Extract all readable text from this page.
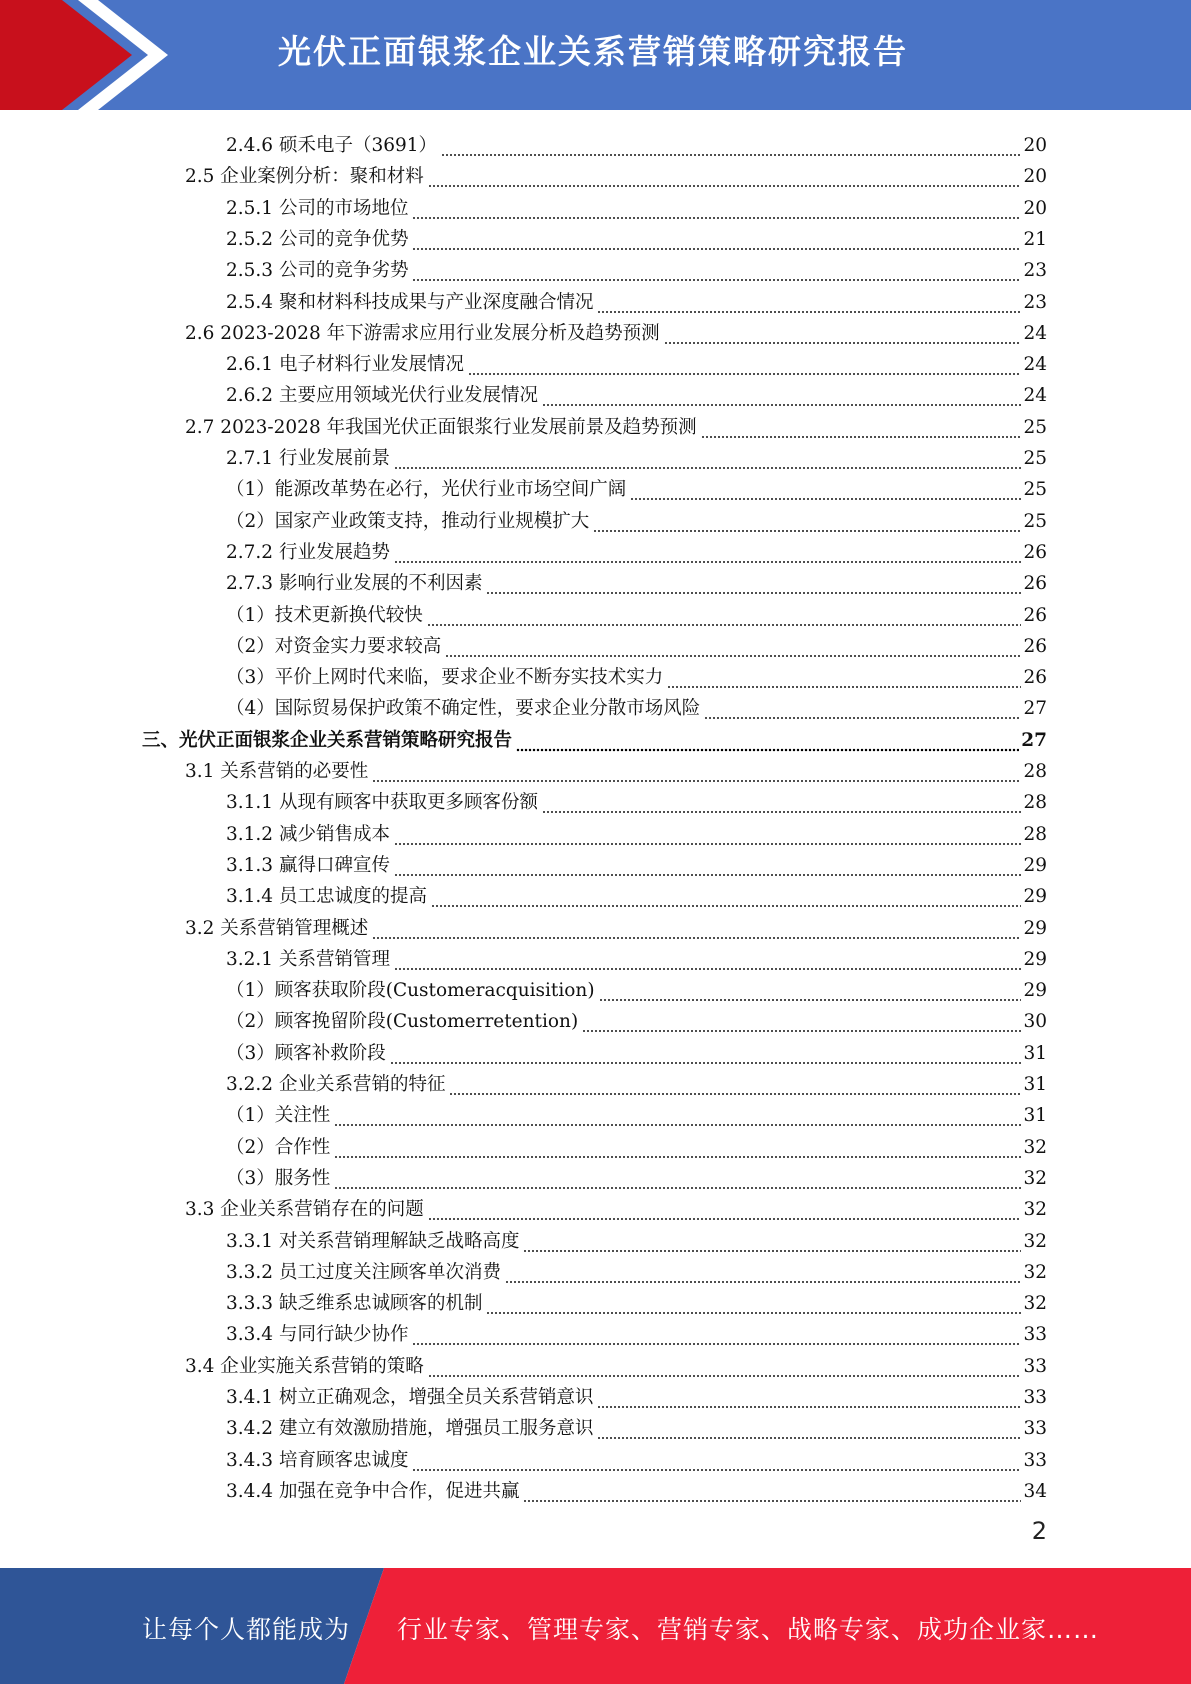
光伏正面银浆企业关系营销策略研究报告
2.4.6 硕禾电子（3691）	20
2.5 企业案例分析：聚和材料	20
2.5.1 公司的市场地位	20
2.5.2 公司的竞争优势	21
2.5.3 公司的竞争劣势	23
2.5.4 聚和材料科技成果与产业深度融合情况	23
2.6 2023-2028 年下游需求应用行业发展分析及趋势预测	24
2.6.1 电子材料行业发展情况	24
2.6.2 主要应用领域光伏行业发展情况	24
2.7 2023-2028 年我国光伏正面银浆行业发展前景及趋势预测	25
2.7.1 行业发展前景	25
（1）能源改革势在必行，光伏行业市场空间广阔	25
（2）国家产业政策支持，推动行业规模扩大	25
2.7.2 行业发展趋势	26
2.7.3 影响行业发展的不利因素	26
（1）技术更新换代较快	26
（2）对资金实力要求较高	26
（3）平价上网时代来临，要求企业不断夯实技术实力	26
（4）国际贸易保护政策不确定性，要求企业分散市场风险	27
三、光伏正面银浆企业关系营销策略研究报告	27
3.1 关系营销的必要性	28
3.1.1 从现有顾客中获取更多顾客份额	28
3.1.2 减少销售成本	28
3.1.3 赢得口碑宣传	29
3.1.4 员工忠诚度的提高	29
3.2 关系营销管理概述	29
3.2.1 关系营销管理	29
（1）顾客获取阶段(Customeracquisition)	29
（2）顾客挽留阶段(Customerretention)	30
（3）顾客补救阶段	31
3.2.2 企业关系营销的特征	31
（1）关注性	31
（2）合作性	32
（3）服务性	32
3.3 企业关系营销存在的问题	32
3.3.1 对关系营销理解缺乏战略高度	32
3.3.2 员工过度关注顾客单次消费	32
3.3.3 缺乏维系忠诚顾客的机制	32
3.3.4 与同行缺少协作	33
3.4 企业实施关系营销的策略	33
3.4.1 树立正确观念，增强全员关系营销意识	33
3.4.2 建立有效激励措施，增强员工服务意识	33
3.4.3 培育顾客忠诚度	33
3.4.4 加强在竞争中合作，促进共赢	34
2
让每个人都能成为 行业专家、管理专家、营销专家、战略专家、成功企业家……
